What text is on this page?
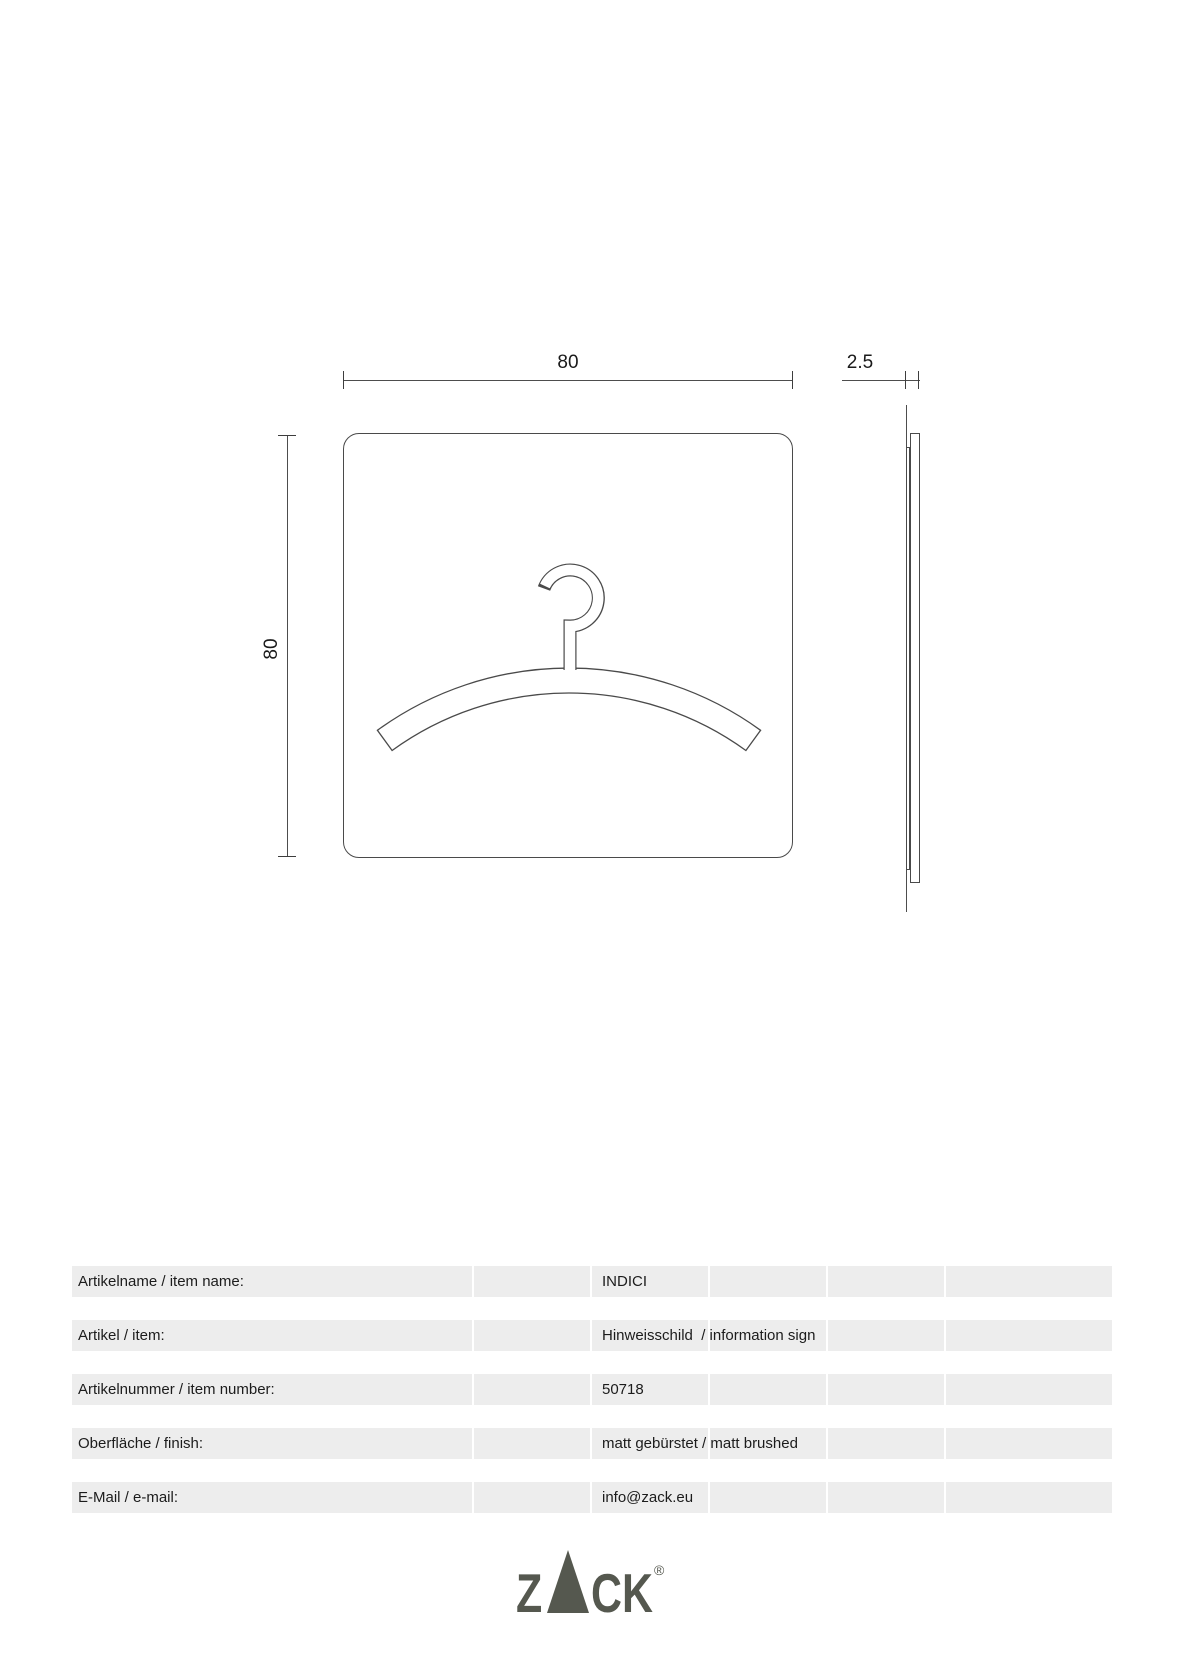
80
80
2.5

Artikelname / item name:

	INDICI

Artikel / item:

	Hinweisschild  / information sign

Artikelnummer / item number:

	50718

Oberfläche / finish:

	matt gebürstet / matt brushed

E-Mail / e-mail:

	info@zack.eu

Z CK ®
